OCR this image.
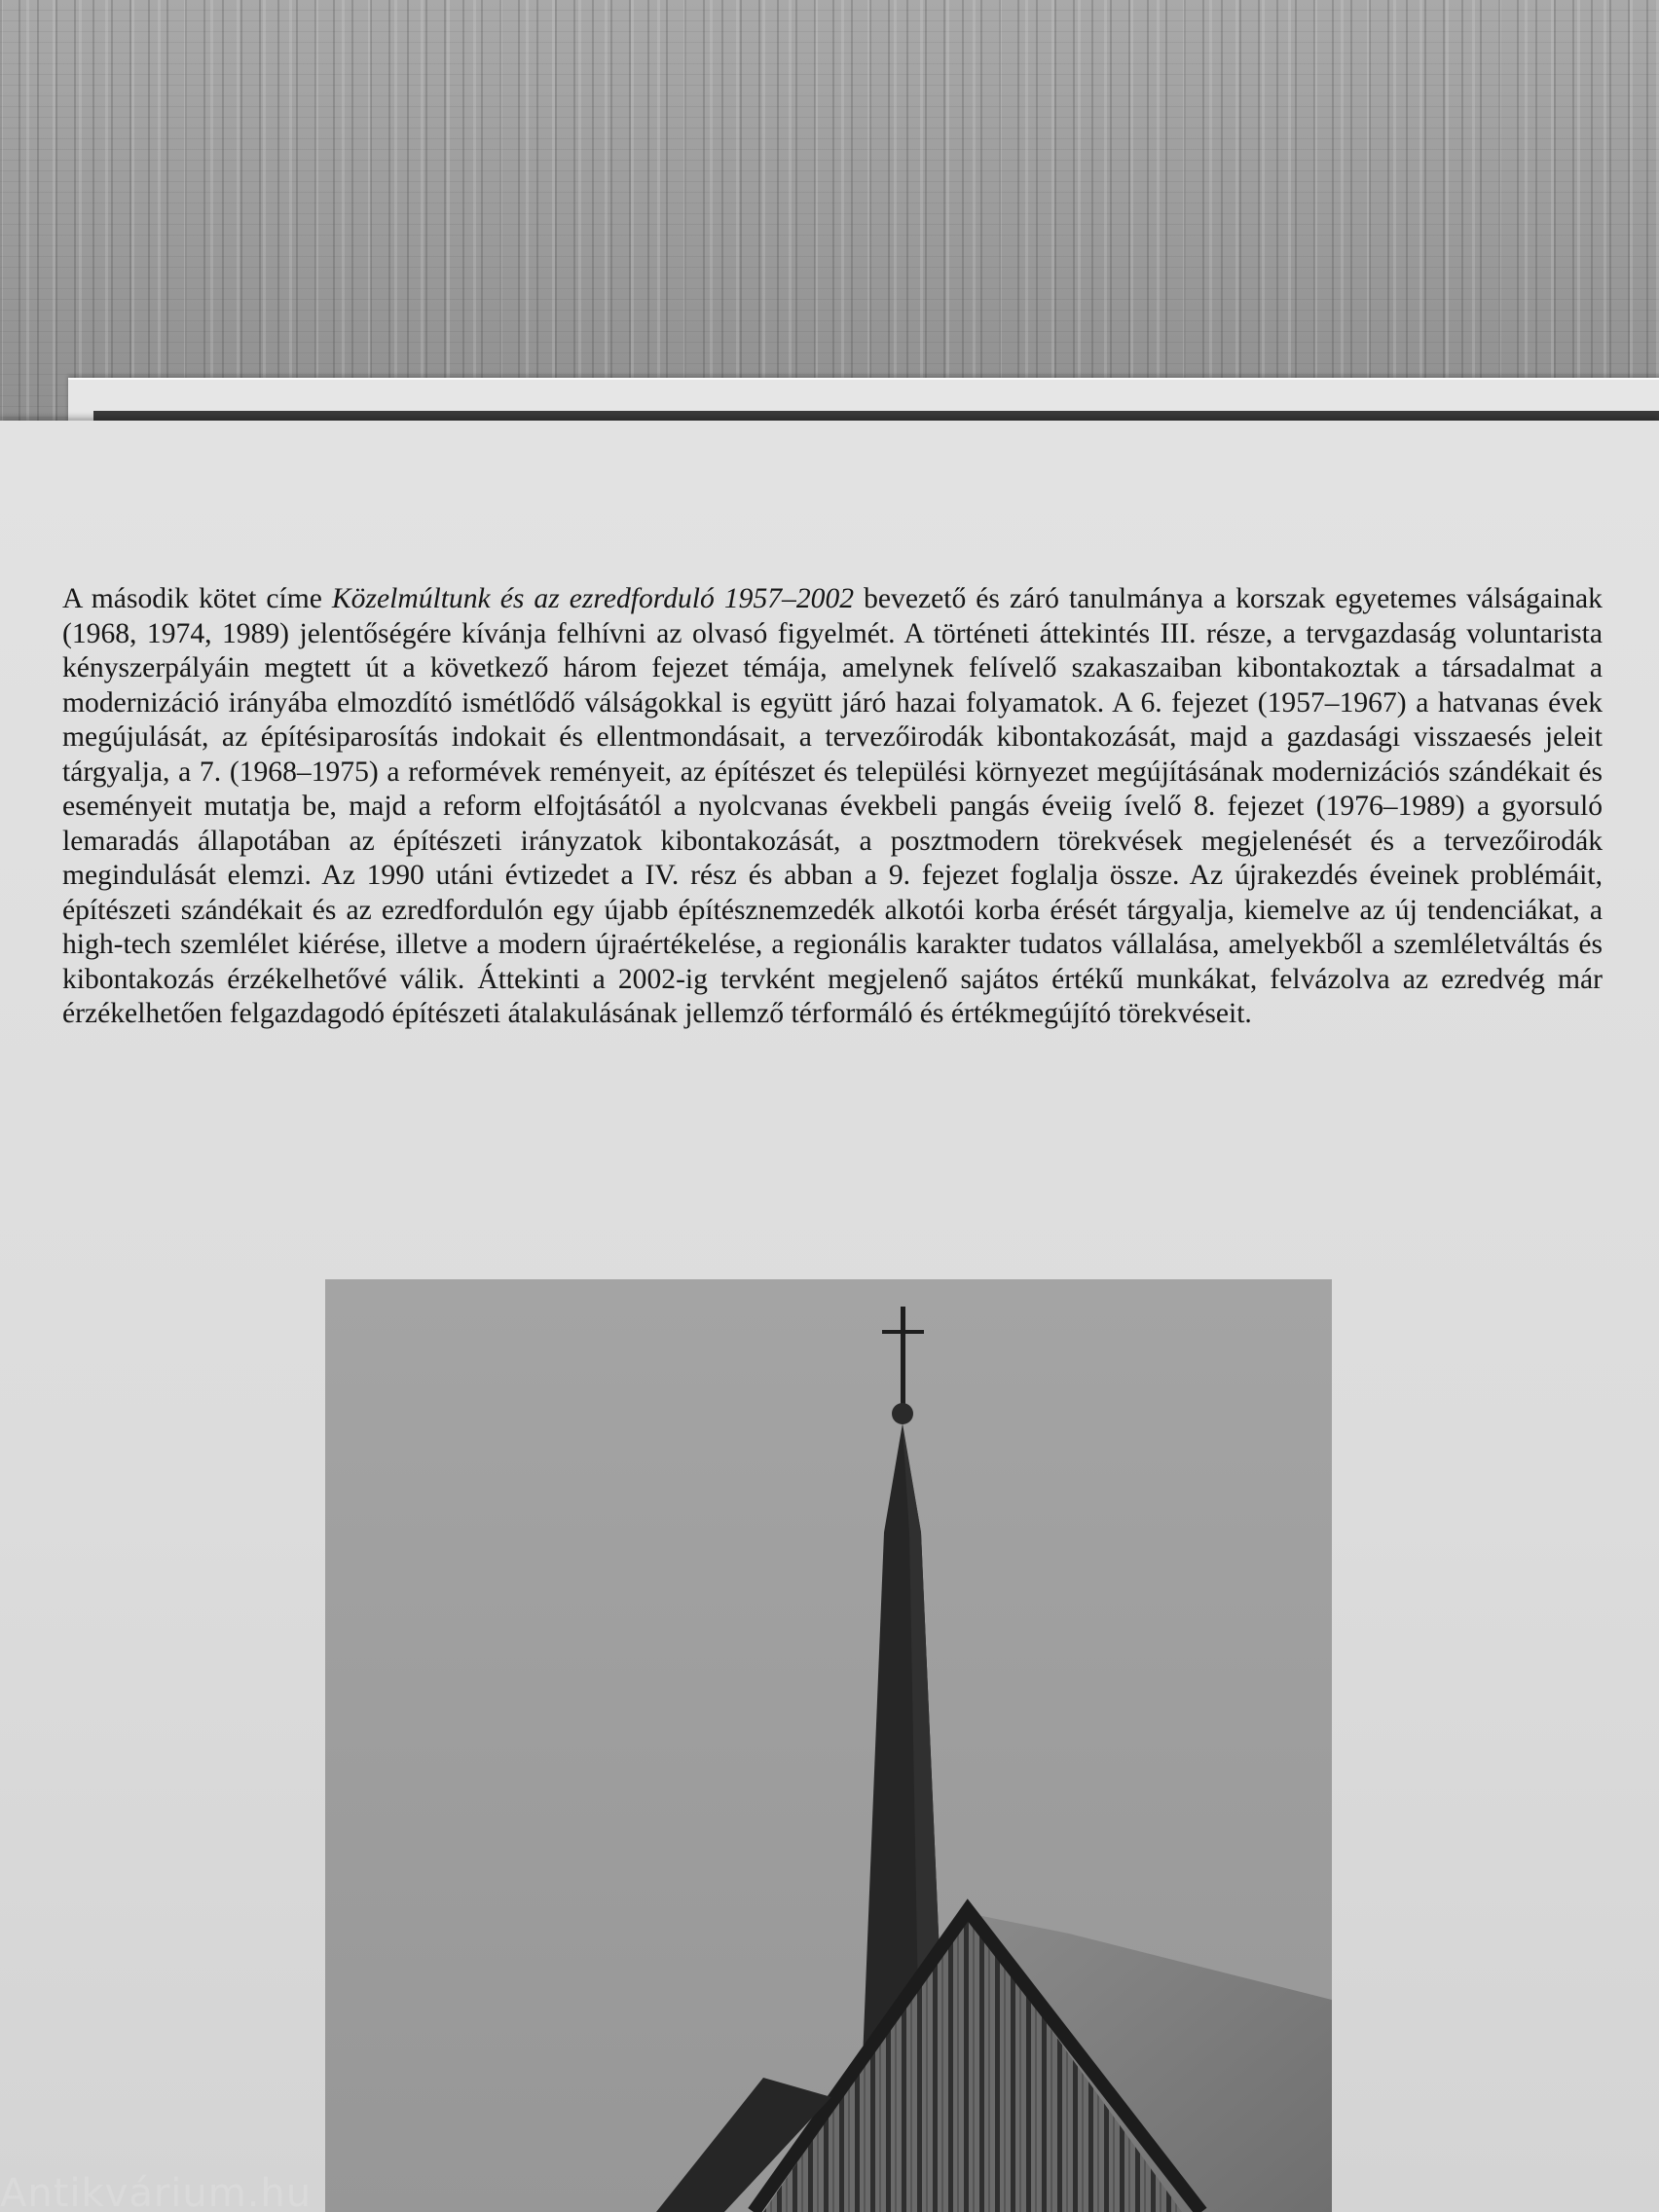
A második kötet címe Közelmúltunk és az ezredforduló 1957–2002 bevezető és záró tanulmánya a korszak egyetemes válságainak (1968, 1974, 1989) jelentőségére kívánja felhívni az olvasó figyelmét. A történeti áttekintés III. része, a tervgazdaság voluntarista kényszerpályáin megtett út a következő három fejezet témája, amelynek felívelő szakaszaiban kibontakoztak a társadalmat a modernizáció irányába elmozdító ismétlődő válságokkal is együtt járó hazai folyamatok. A 6. fejezet (1957–1967) a hatvanas évek megújulását, az építésiparosítás indokait és ellentmondásait, a tervezőirodák kibontakozását, majd a gazdasági visszaesés jeleit tárgyalja, a 7. (1968–1975) a reformévek reményeit, az építészet és települési környezet megújításának modernizációs szándékait és eseményeit mutatja be, majd a reform elfojtásától a nyolcvanas évekbeli pangás éveiig ívelő 8. fejezet (1976–1989) a gyorsuló lemaradás állapotában az építészeti irányzatok kibontakozását, a posztmodern törekvések megjelenését és a tervezőirodák megindulását elemzi. Az 1990 utáni évtizedet a IV. rész és abban a 9. fejezet foglalja össze. Az újrakezdés éveinek problémáit, építészeti szándékait és az ezredfordulón egy újabb építésznemzedék alkotói korba érését tárgyalja, kiemelve az új tendenciákat, a high-tech szemlélet kiérése, illetve a modern újraértékelése, a regionális karakter tudatos vállalása, amelyekből a szemléletváltás és kibontakozás érzékelhetővé válik. Áttekinti a 2002-ig tervként megjelenő sajátos értékű munkákat, felvázolva az ezredvég már érzékelhetően felgazdagodó építészeti átalakulásának jellemző térformáló és értékmegújító törekvéseit.

Antikvárium.hu
